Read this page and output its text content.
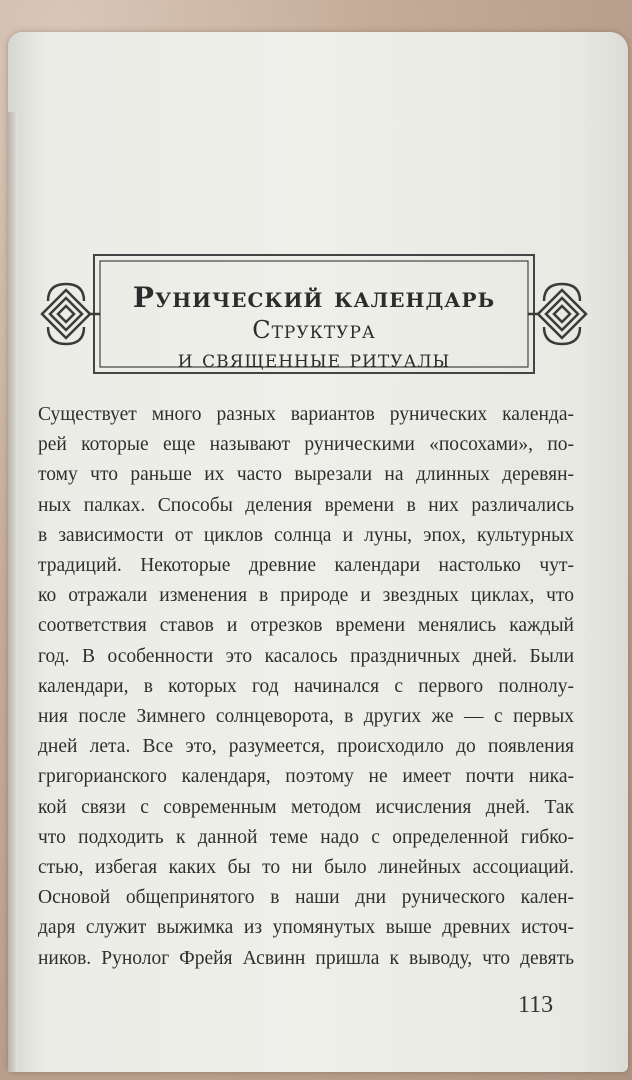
Рунический календарь
Структура
и священные ритуалы
Существует много разных вариантов рунических календа-
рей которые еще называют руническими «посохами», по-
тому что раньше их часто вырезали на длинных деревян-
ных палках. Способы деления времени в них различались
в зависимости от циклов солнца и луны, эпох, культурных
традиций. Некоторые древние календари настолько чут-
ко отражали изменения в природе и звездных циклах, что
соответствия ставов и отрезков времени менялись каждый
год. В особенности это касалось праздничных дней. Были
календари, в которых год начинался с первого полнолу-
ния после Зимнего солнцеворота, в других же — с первых
дней лета. Все это, разумеется, происходило до появления
григорианского календаря, поэтому не имеет почти ника-
кой связи с современным методом исчисления дней. Так
что подходить к данной теме надо с определенной гибко-
стью, избегая каких бы то ни было линейных ассоциаций.
Основой общепринятого в наши дни рунического кален-
даря служит выжимка из упомянутых выше древних источ-
ников. Рунолог Фрейя Асвинн пришла к выводу, что девять
113
